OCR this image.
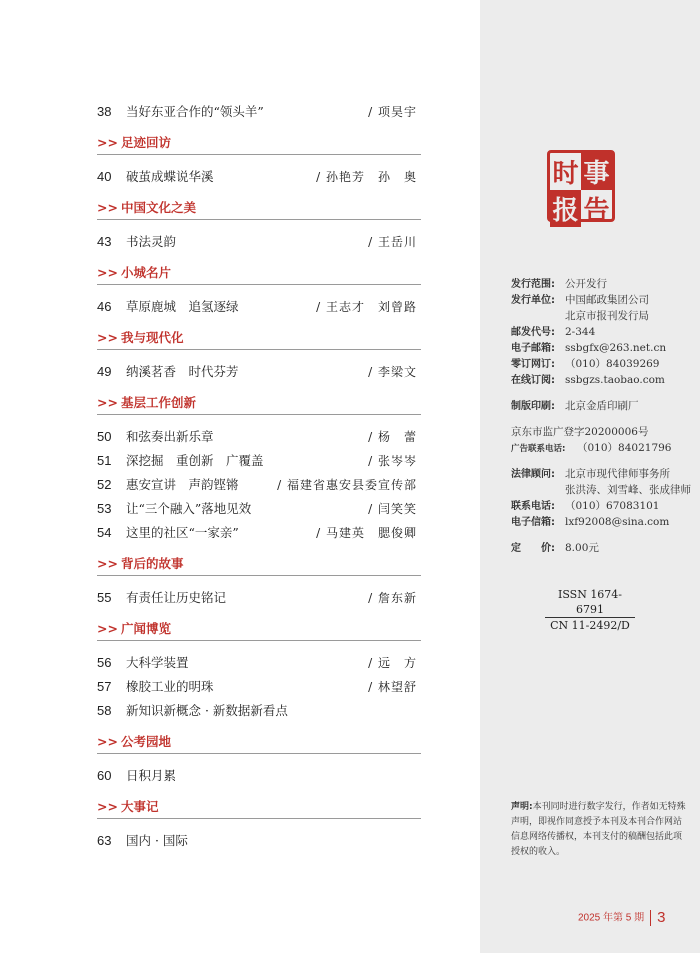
38	当好东亚合作的“领头羊”	/ 项昊宇
>> 足迹回访
40	破茧成蝶说华溪	/ 孙艳芳　孙　奥
>> 中国文化之美
43	书法灵韵	/ 王岳川
>> 小城名片
46	草原鹿城　追氢逐绿	/ 王志才　刘曾路
>> 我与现代化
49	纳溪茗香　时代芬芳	/ 李梁文
>> 基层工作创新
50	和弦奏出新乐章	/ 杨　蕾
51	深挖掘　重创新　广覆盖	/ 张岑岑
52	惠安宣讲　声韵铿锵	/ 福建省惠安县委宣传部
53	让“三个融入”落地见效	/ 闫笑笑
54	这里的社区“一家亲”	/ 马建英　腮俊卿
>> 背后的故事
55	有责任让历史铭记	/ 詹东新
>> 广闻博览
56	大科学装置	/ 远　方
57	橡胶工业的明珠	/ 林望舒
58	新知识新概念 · 新数据新看点
>> 公考园地
60	日积月累
>> 大事记
63	国内 · 国际
时 事
报 告
发行范围: 公开发行
发行单位: 中国邮政集团公司
北京市报刊发行局
邮发代号: 2-344
电子邮箱: ssbgfx@263.net.cn
零订网订: （010）84039269
在线订阅: ssbgzs.taobao.com
制版印刷: 北京金盾印刷厂
京东市监广登字20200006号
广告联系电话: （010）84021796
法律顾问: 北京市现代律师事务所
张洪涛、刘雪峰、张成律师
联系电话: （010）67083101
电子信箱: lxf92008@sina.com
定　　价: 8.00元
ISSN 1674-6791
CN 11-2492/D
声明:本刊同时进行数字发行，作者如无特殊声明，即视作同意授予本刊及本刊合作网站信息网络传播权，本刊支付的稿酬包括此项授权的收入。
2025 年第 5 期 3
